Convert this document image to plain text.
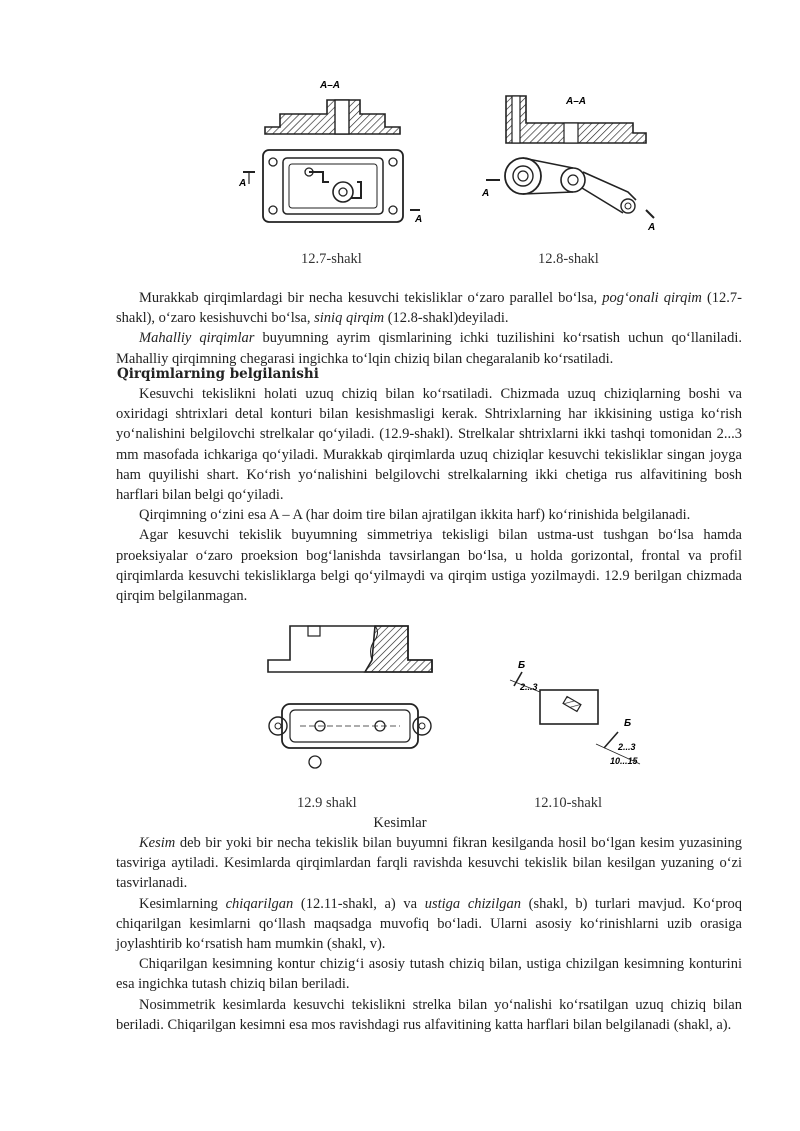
A–A
A
A
A–A
A
A
12.7-shakl	12.8-shakl

Murakkab qirqimlardagi bir necha kesuvchi tekisliklar o‘zaro parallel bo‘lsa, pog‘onali qirqim (12.7-shakl), o‘zaro kesishuvchi bo‘lsa, siniq qirqim (12.8-shakl)deyiladi.

Mahalliy qirqimlar buyumning ayrim qismlarining ichki tuzilishini ko‘rsatish uchun qo‘llaniladi. Mahalliy qirqimning chegarasi ingichka to‘lqin chiziq bilan chegaralanib ko‘rsatiladi.

Qirqimlarning belgilanishi

Kesuvchi tekislikni holati uzuq chiziq bilan ko‘rsatiladi. Chizmada uzuq chiziqlarning boshi va oxiridagi shtrixlari detal konturi bilan kesishmasligi kerak. Shtrixlarning har ikkisining ustiga ko‘rish yo‘nalishini belgilovchi strelkalar qo‘yiladi. (12.9-shakl). Strelkalar shtrixlarni ikki tashqi tomonidan 2...3 mm masofada ichkariga qo‘yiladi. Murakkab qirqimlarda uzuq chiziqlar kesuvchi tekisliklar singan joyga ham quyilishi shart. Ko‘rish yo‘nalishini belgilovchi strelkalarning ikki chetiga rus alfavitining bosh harflari bilan belgi qo‘yiladi.

Qirqimning o‘zini esa A – A (har doim tire bilan ajratilgan ikkita harf) ko‘rinishida belgilanadi.

Agar kesuvchi tekislik buyumning simmetriya tekisligi bilan ustma-ust tushgan bo‘lsa hamda proeksiyalar o‘zaro proeksion bog‘lanishda tavsirlangan bo‘lsa, u holda gorizontal, frontal va profil qirqimlarda kesuvchi tekisliklarga belgi qo‘yilmaydi va qirqim ustiga yozilmaydi. 12.9 berilgan chizmada qirqim belgilanmagan.

Б
2...3
Б
2...3
10...15
12.9 shakl	12.10-shakl
Kesimlar

Kesim deb bir yoki bir necha tekislik bilan buyumni fikran kesilganda hosil bo‘lgan kesim yuzasining tasviriga aytiladi. Kesimlarda qirqimlardan farqli ravishda kesuvchi tekislik bilan kesilgan yuzaning o‘zi tasvirlanadi.

Kesimlarning chiqarilgan (12.11-shakl, a) va ustiga chizilgan (shakl, b) turlari mavjud. Ko‘proq chiqarilgan kesimlarni qo‘llash maqsadga muvofiq bo‘ladi. Ularni asosiy ko‘rinishlarni uzib orasiga joylashtirib ko‘rsatish ham mumkin (shakl, v).

Chiqarilgan kesimning kontur chizig‘i asosiy tutash chiziq bilan, ustiga chizilgan kesimning konturini esa ingichka tutash chiziq bilan beriladi.

Nosimmetrik kesimlarda kesuvchi tekislikni strelka bilan yo‘nalishi ko‘rsatilgan uzuq chiziq bilan beriladi. Chiqarilgan kesimni esa mos ravishdagi rus alfavitining katta harflari bilan belgilanadi (shakl, a).
